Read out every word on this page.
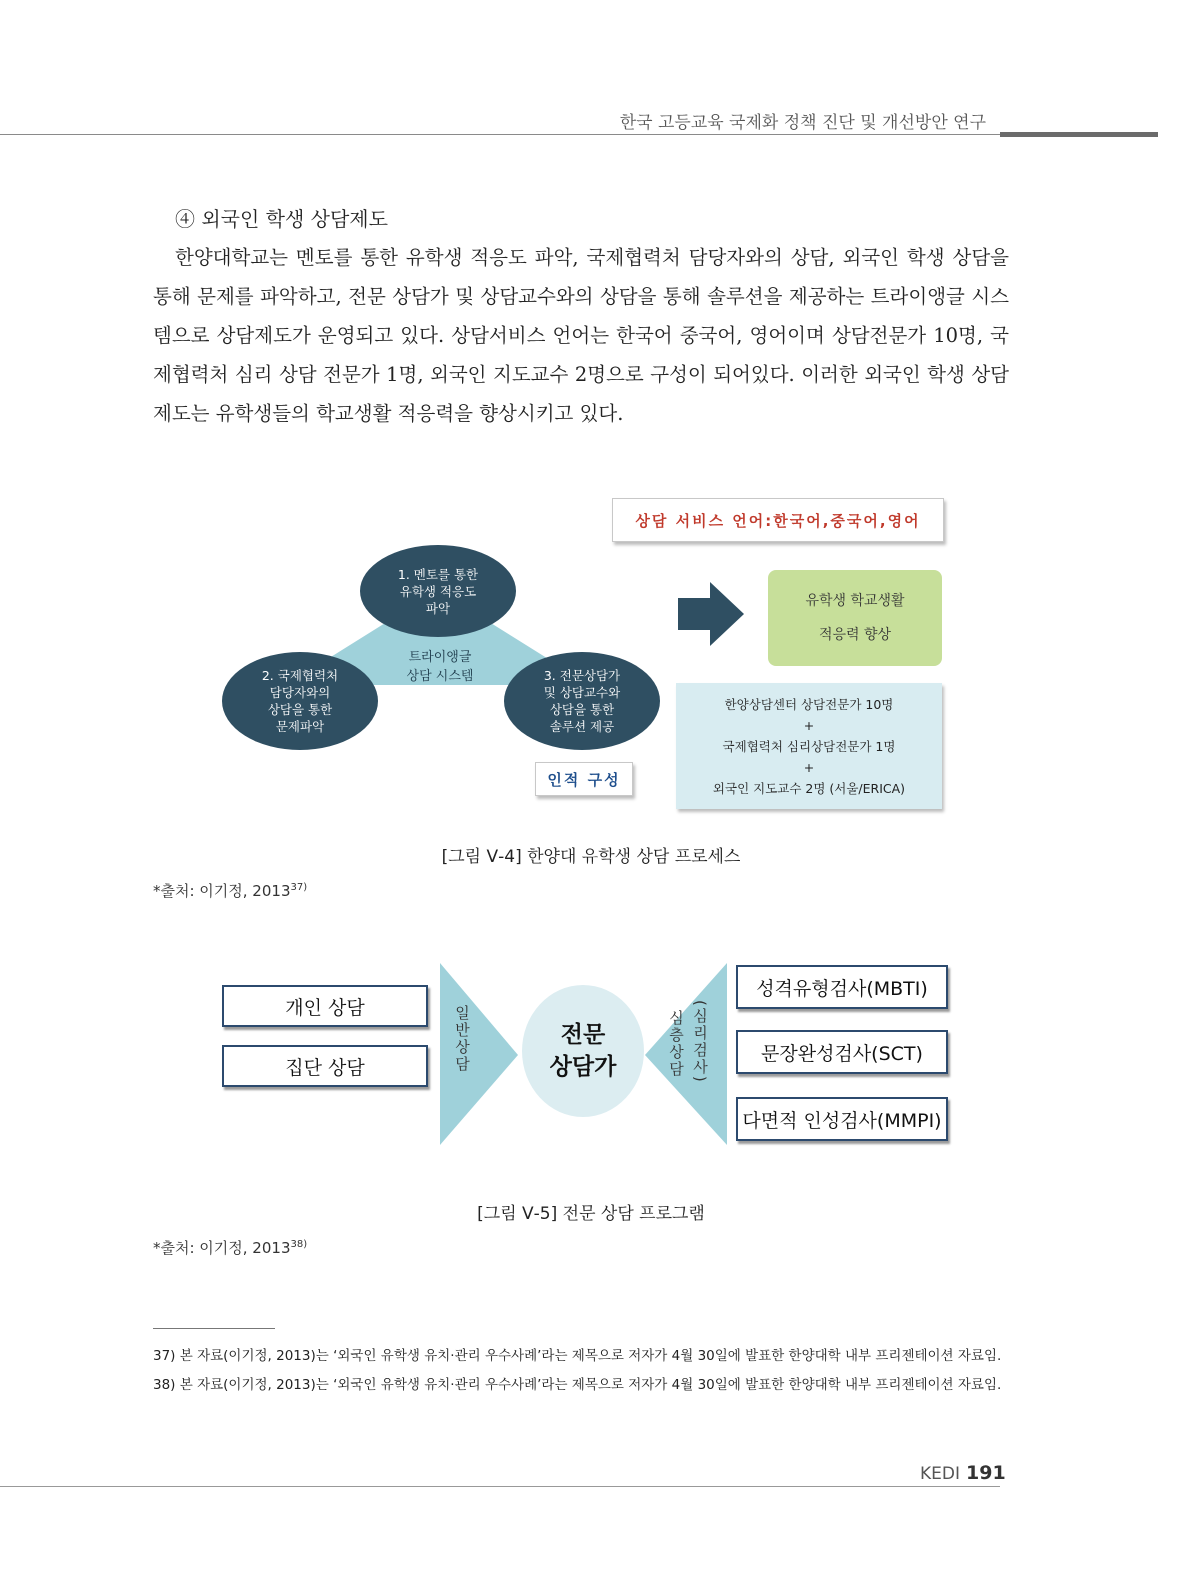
한국 고등교육 국제화 정책 진단 및 개선방안 연구
④ 외국인 학생 상담제도

한양대학교는 멘토를 통한 유학생 적응도 파악, 국제협력처 담당자와의 상담, 외국인 학생 상담을 통해 문제를 파악하고, 전문 상담가 및 상담교수와의 상담을 통해 솔루션을 제공하는 트라이앵글 시스템으로 상담제도가 운영되고 있다. 상담서비스 언어는 한국어 중국어, 영어이며 상담전문가 10명, 국제협력처 심리 상담 전문가 1명, 외국인 지도교수 2명으로 구성이 되어있다. 이러한 외국인 학생 상담 제도는 유학생들의 학교생활 적응력을 향상시키고 있다.

상담 서비스 언어:한국어,중국어,영어
1. 멘토를 통한
유학생 적응도
파악
2. 국제협력처
담당자와의
상담을 통한
문제파악
3. 전문상담가
및 상담교수와
상담을 통한
솔루션 제공
트라이앵글
상담 시스템
유학생 학교생활
적응력 향상
한양상담센터 상담전문가 10명
+
국제협력처 심리상담전문가 1명
+
외국인 지도교수 2명 (서울/ERICA)
인적 구성
[그림 Ⅴ-4] 한양대 유학생 상담 프로세스
*출처: 이기정, 2013$^{37)}$
개인 상담
집단 상담	일반상담	전문
상담가	심층상담 (심리검사)
성격유형검사(MBTI)
문장완성검사(SCT)
다면적 인성검사(MMPI)
[그림 Ⅴ-5] 전문 상담 프로그램
*출처: 이기정, 2013$^{38)}$
37) 본 자료(이기정, 2013)는 ‘외국인 유학생 유치·관리 우수사례’라는 제목으로 저자가 4월 30일에 발표한 한양대학 내부 프리젠테이션 자료임.
38) 본 자료(이기정, 2013)는 ‘외국인 유학생 유치·관리 우수사례’라는 제목으로 저자가 4월 30일에 발표한 한양대학 내부 프리젠테이션 자료임.
KEDI 191
